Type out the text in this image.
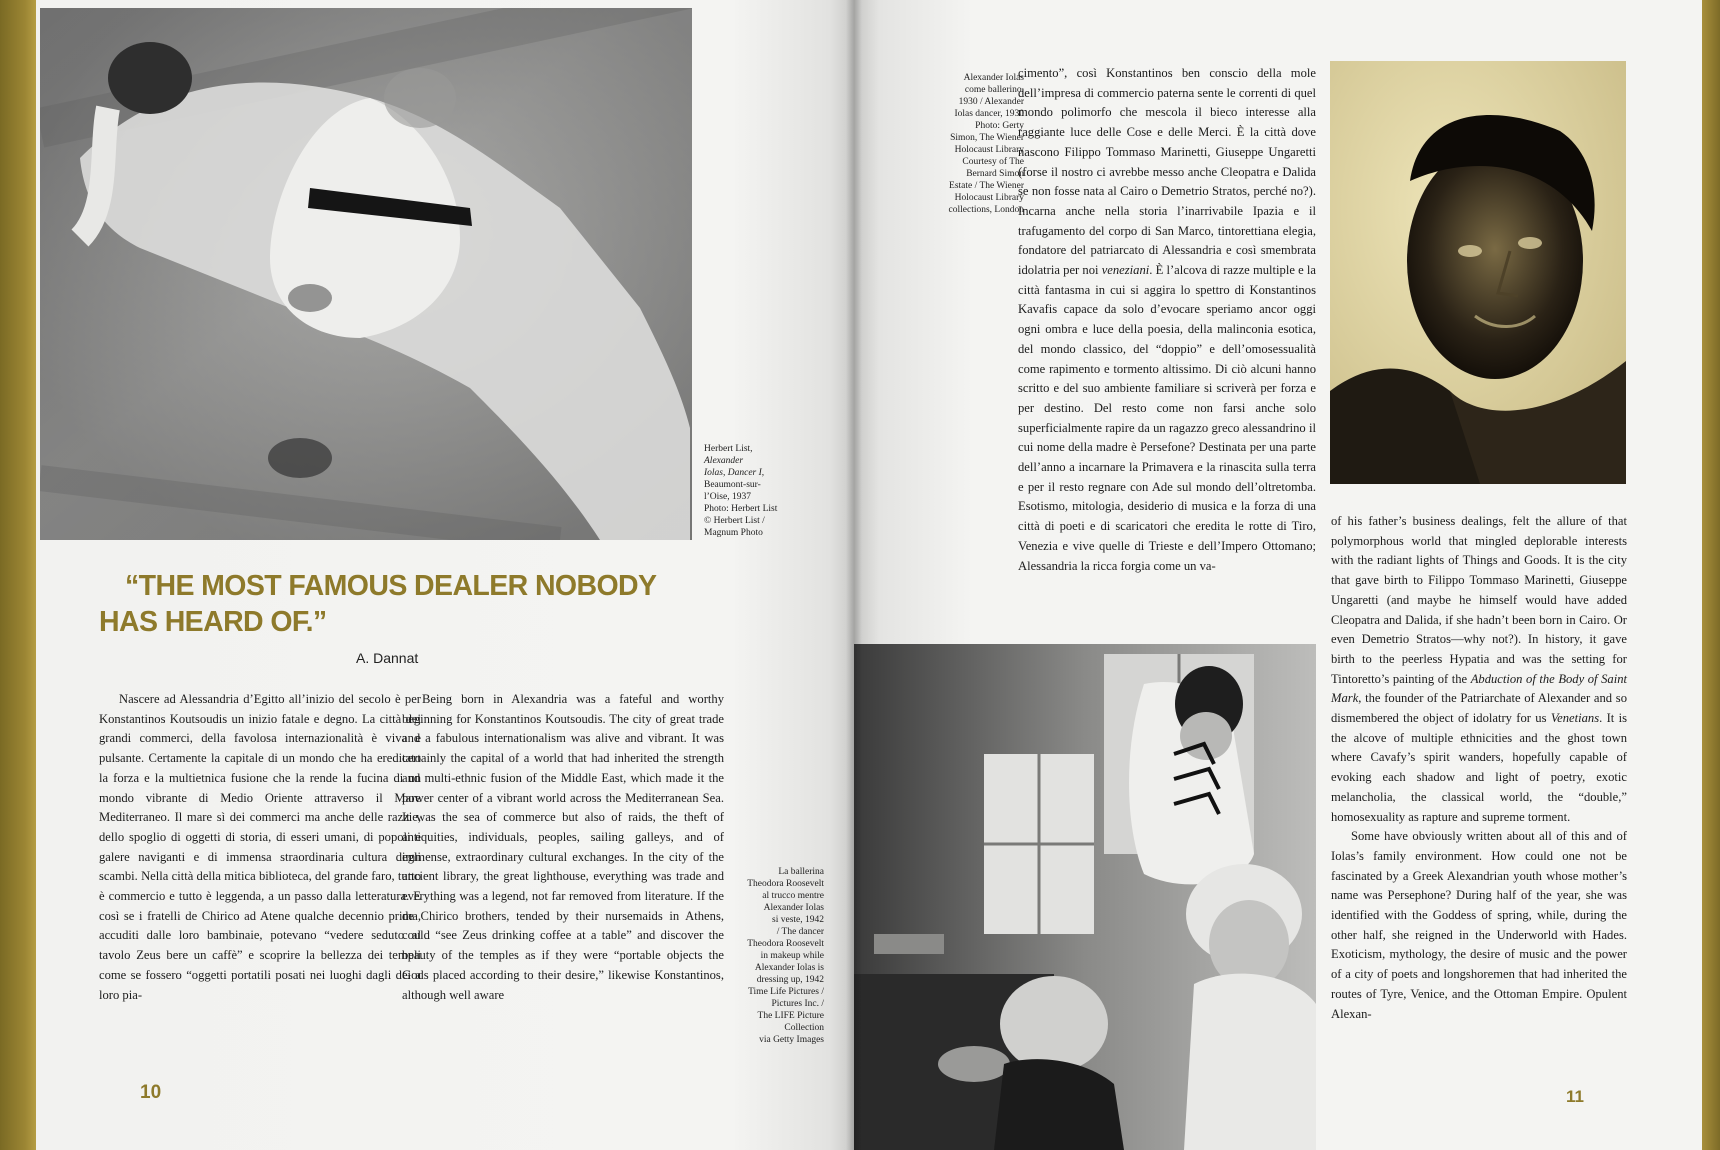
Herbert List,
Alexander
Iolas, Dancer I,
Beaumont-sur-
l’Oise, 1937
Photo: Herbert List
© Herbert List /
Magnum Photo
“THE MOST FAMOUS DEALER NOBODY
HAS HEARD OF.”
A. Dannat

Nascere ad Alessandria d’Egitto all’inizio del secolo è per Konstantinos Koutsoudis un inizio fatale e degno. La città dei grandi commerci, della favolosa internazionalità è viva e pulsante. Certamente la capitale di un mondo che ha ereditato la forza e la multietnica fusione che la rende la fucina di un mondo vibrante di Medio Oriente attraverso il Mare Mediterraneo. Il mare sì dei commerci ma anche delle razzie, dello spoglio di oggetti di storia, di esseri umani, di popoli e galere naviganti e di immensa straordinaria cultura degli scambi. Nella città della mitica biblioteca, del grande faro, tutto è commercio e tutto è leggenda, a un passo dalla letteratura. E così se i fratelli de Chirico ad Atene qualche decennio prima, accuditi dalle loro bambinaie, potevano “vedere seduto al tavolo Zeus bere un caffè” e scoprire la bellezza dei templi come se fossero “oggetti portatili posati nei luoghi dagli dei a loro pia-

Being born in Alexandria was a fateful and worthy beginning for Konstantinos Koutsoudis. The city of great trade and a fabulous internationalism was alive and vibrant. It was certainly the capital of a world that had inherited the strength and multi-ethnic fusion of the Middle East, which made it the power center of a vibrant world across the Mediterranean Sea. It was the sea of commerce but also of raids, the theft of antiquities, individuals, peoples, sailing galleys, and of immense, extraordinary cultural exchanges. In the city of the ancient library, the great lighthouse, everything was trade and everything was a legend, not far removed from literature. If the de Chirico brothers, tended by their nursemaids in Athens, could “see Zeus drinking coffee at a table” and discover the beauty of the temples as if they were “portable objects the Gods placed according to their desire,” likewise Konstantinos, although well aware

La ballerina
Theodora Roosevelt
al trucco mentre
Alexander Iolas
si veste, 1942
/ The dancer
Theodora Roosevelt
in makeup while
Alexander Iolas is
dressing up, 1942
Time Life Pictures /
Pictures Inc. /
The LIFE Picture
Collection
via Getty Images
10
Alexander Iolas
come ballerino,
1930 / Alexander
Iolas dancer, 1930
Photo: Gerty
Simon, The Wiener
Holocaust Library
Courtesy of The
Bernard Simon
Estate / The Wiener
Holocaust Library
collections, London

cimento”, così Konstantinos ben conscio della mole dell’impresa di commercio paterna sente le correnti di quel mondo polimorfo che mescola il bieco interesse alla raggiante luce delle Cose e delle Merci. È la città dove nascono Filippo Tommaso Marinetti, Giuseppe Ungaretti (forse il nostro ci avrebbe messo anche Cleopatra e Dalida se non fosse nata al Cairo o Demetrio Stratos, perché no?). Incarna anche nella storia l’inarrivabile Ipazia e il trafugamento del corpo di San Marco, tintorettiana elegia, fondatore del patriarcato di Alessandria e così smembrata idolatria per noi veneziani. È l’alcova di razze multiple e la città fantasma in cui si aggira lo spettro di Konstantinos Kavafis capace da solo d’evocare speriamo ancor oggi ogni ombra e luce della poesia, della malinconia esotica, del mondo classico, del “doppio” e dell’omosessualità come rapimento e tormento altissimo. Di ciò alcuni hanno scritto e del suo ambiente familiare si scriverà per forza e per destino. Del resto come non farsi anche solo superficialmente rapire da un ragazzo greco alessandrino il cui nome della madre è Persefone? Destinata per una parte dell’anno a incarnare la Primavera e la rinascita sulla terra e per il resto regnare con Ade sul mondo dell’oltretomba. Esotismo, mitologia, desiderio di musica e la forza di una città di poeti e di scaricatori che eredita le rotte di Tiro, Venezia e vive quelle di Trieste e dell’Impero Ottomano; Alessandria la ricca forgia come un va-

of his father’s business dealings, felt the allure of that polymorphous world that mingled deplorable interests with the radiant lights of Things and Goods. It is the city that gave birth to Filippo Tommaso Marinetti, Giuseppe Ungaretti (and maybe he himself would have added Cleopatra and Dalida, if she hadn’t been born in Cairo. Or even Demetrio Stratos—why not?). In history, it gave birth to the peerless Hypatia and was the setting for Tintoretto’s painting of the Abduction of the Body of Saint Mark, the founder of the Patriarchate of Alexander and so dismembered the object of idolatry for us Venetians. It is the alcove of multiple ethnicities and the ghost town where Cavafy’s spirit wanders, hopefully capable of evoking each shadow and light of poetry, exotic melancholia, the classical world, the “double,” homosexuality as rapture and supreme torment.

Some have obviously written about all of this and of Iolas’s family environment. How could one not be fascinated by a Greek Alexandrian youth whose mother’s name was Persephone? During half of the year, she was identified with the Goddess of spring, while, during the other half, she reigned in the Underworld with Hades. Exoticism, mythology, the desire of music and the power of a city of poets and longshoremen that had inherited the routes of Tyre, Venice, and the Ottoman Empire. Opulent Alexan-

11
